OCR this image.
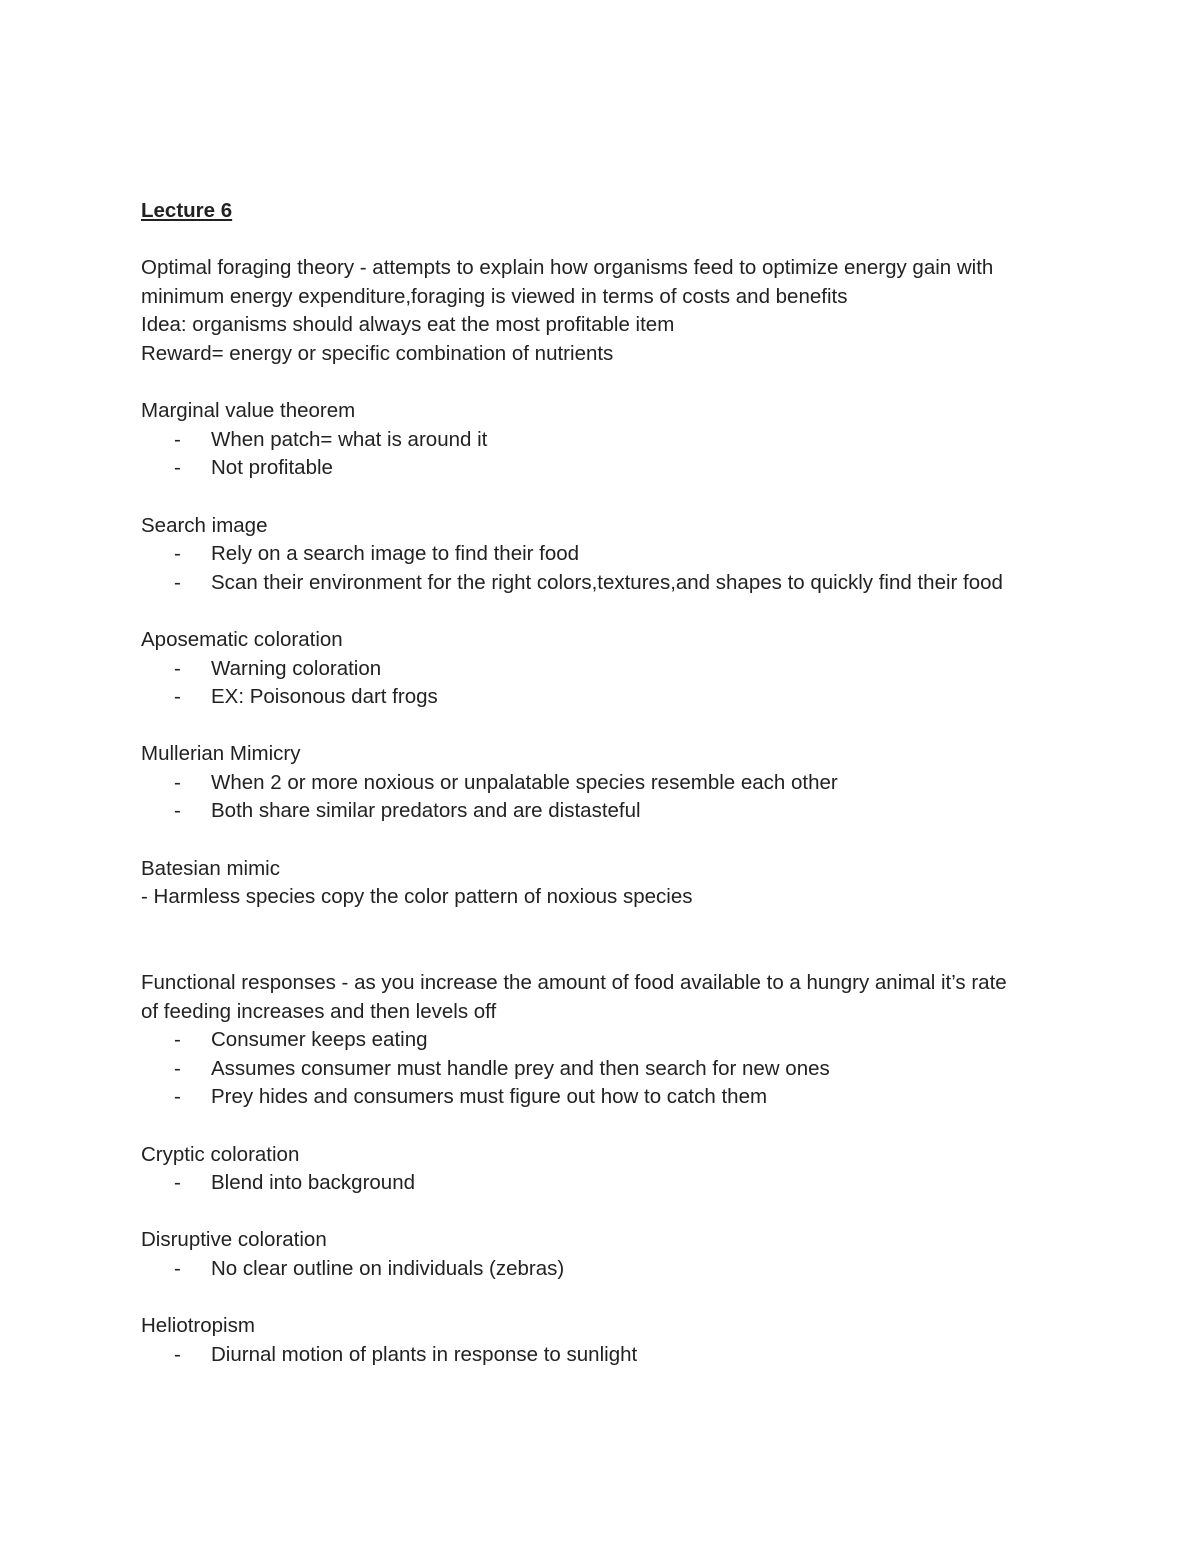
Lecture 6
Optimal foraging theory - attempts to explain how organisms feed to optimize energy gain with
minimum energy expenditure,foraging is viewed in terms of costs and benefits
Idea: organisms should always eat the most profitable item
Reward= energy or specific combination of nutrients
Marginal value theorem
- When patch= what is around it
- Not profitable
Search image
- Rely on a search image to find their food
- Scan their environment for the right colors,textures,and shapes to quickly find their food
Aposematic coloration
- Warning coloration
- EX: Poisonous dart frogs
Mullerian Mimicry
- When 2 or more noxious or unpalatable species resemble each other
- Both share similar predators and are distasteful
Batesian mimic
- Harmless species copy the color pattern of noxious species
Functional responses - as you increase the amount of food available to a hungry animal it’s rate
of feeding increases and then levels off
- Consumer keeps eating
- Assumes consumer must handle prey and then search for new ones
- Prey hides and consumers must figure out how to catch them
Cryptic coloration
- Blend into background
Disruptive coloration
- No clear outline on individuals (zebras)
Heliotropism
- Diurnal motion of plants in response to sunlight
